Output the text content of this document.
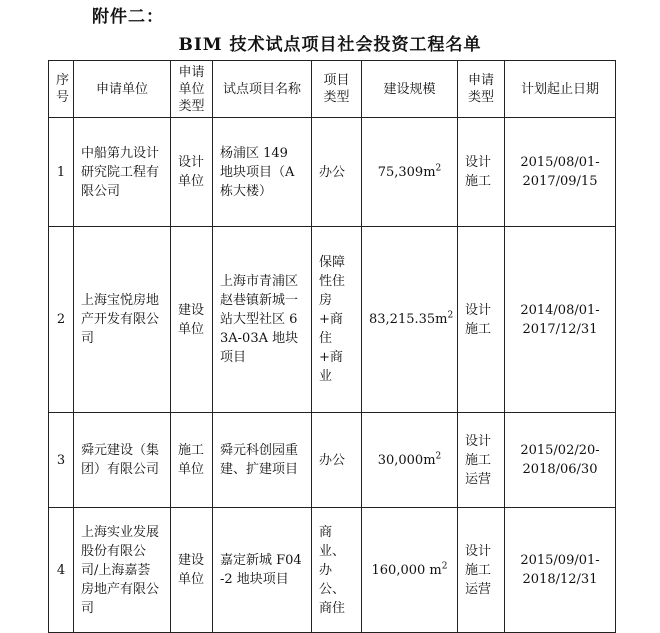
附件二：
BIM 技术试点项目社会投资工程名单
序号	申请单位	申请单位类型	试点项目名称	项目类型	建设规模	申请类型	计划起止日期
1	中船第九设计研究院工程有限公司	设计单位	杨浦区 149 地块项目（A 栋大楼）	办公	$75,309m^2$	设计施工	2015/08/01-2017/09/15
2	上海宝悦房地产开发有限公司	建设单位	上海市青浦区赵巷镇新城一站大型社区 63A-03A 地块项目	保障性住房+商住+商业	$83,215.35m^2$	设计施工	2014/08/01-2017/12/31
3	舜元建设（集团）有限公司	施工单位	舜元科创园重建、扩建项目	办公	$30,000m^2$	设计施工运营	2015/02/20-2018/06/30
4	上海实业发展股份有限公司/上海嘉荟房地产有限公司	建设单位	嘉定新城 F04-2 地块项目	商业、办公、商住	160,000 $m^2$	设计施工运营	2015/09/01-2018/12/31
